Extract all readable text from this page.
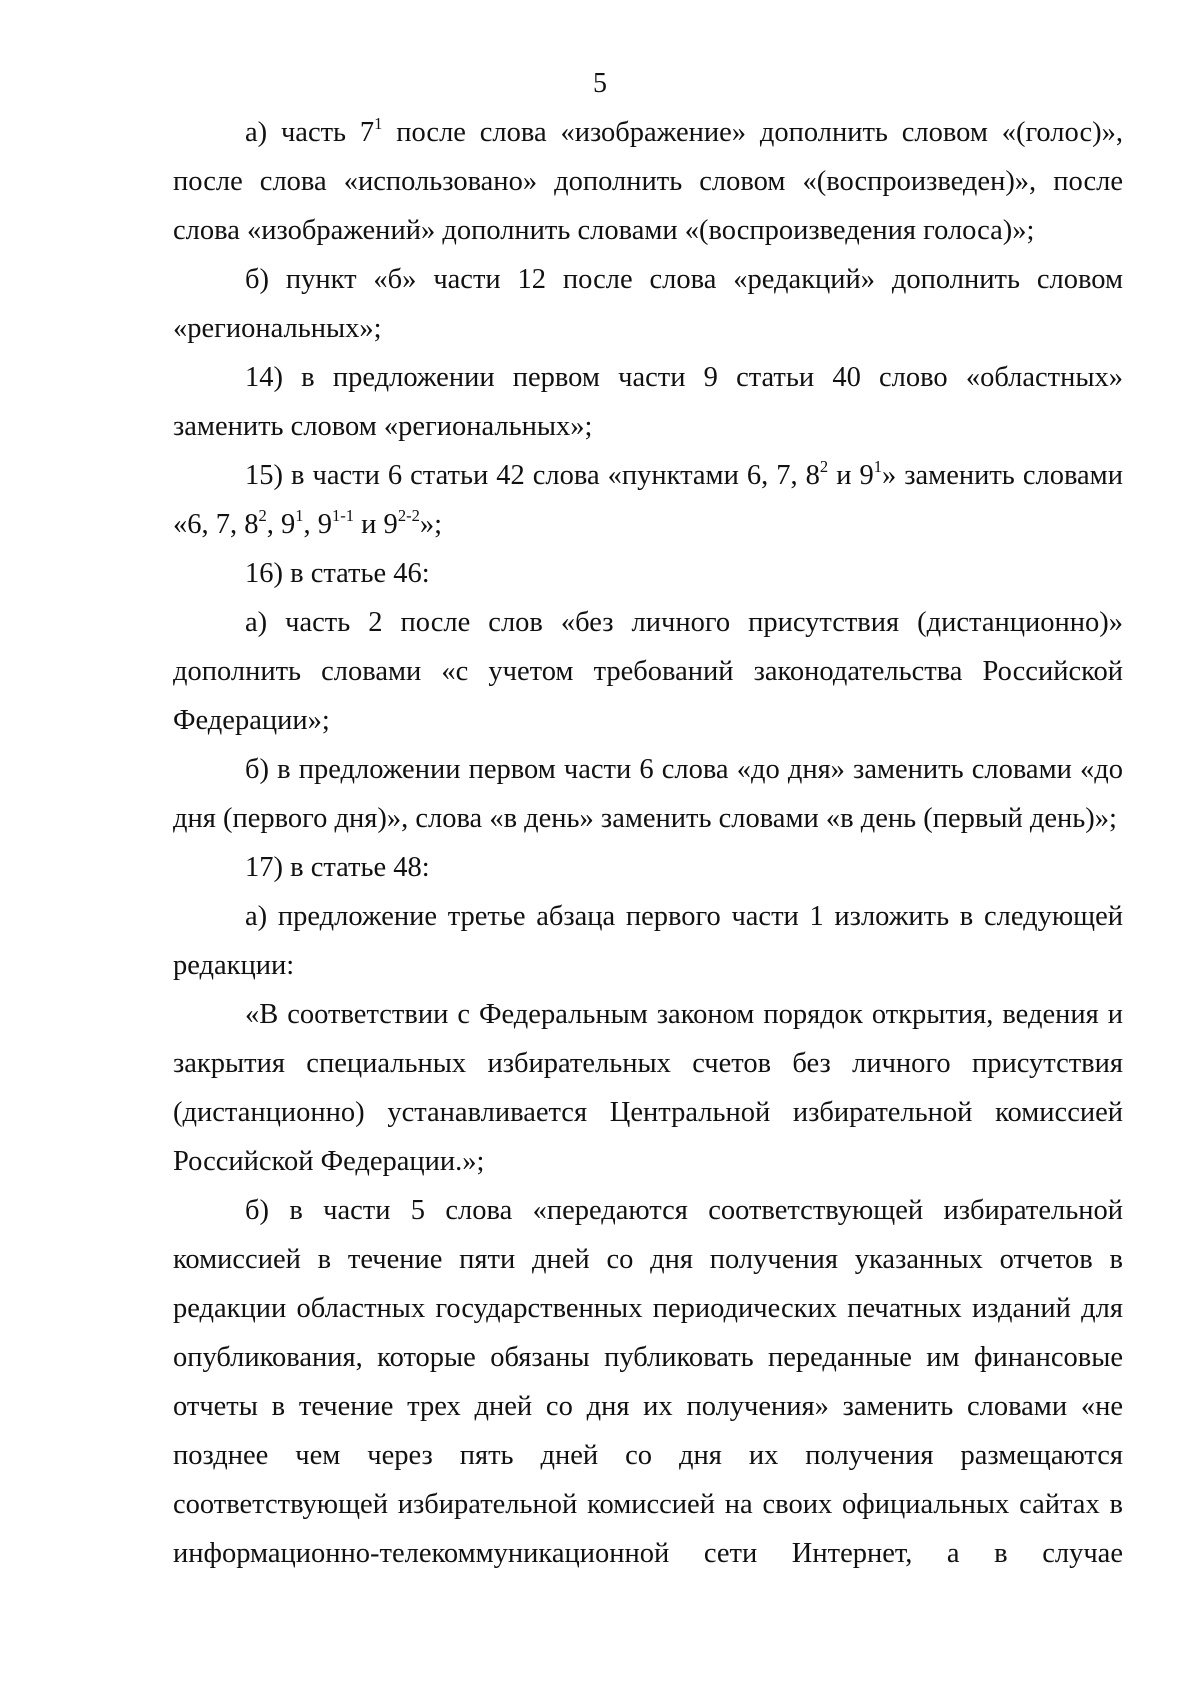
5

а) часть $7^1$ после слова «изображение» дополнить словом «(голос)», после слова «использовано» дополнить словом «(воспроизведен)», после слова «изображений» дополнить словами «(воспроизведения голоса)»;

б) пункт «б» части 12 после слова «редакций» дополнить словом «региональных»;

14) в предложении первом части 9 статьи 40 слово «областных» заменить словом «региональных»;

15) в части 6 статьи 42 слова «пунктами 6, 7, $8^2$ и $9^1$» заменить словами «6, 7, $8^2$, $9^1$, 9$^{1-1}$ и 9$^{2-2}$»;

16) в статье 46:

а) часть 2 после слов «без личного присутствия (дистанционно)» дополнить словами «с учетом требований законодательства Российской Федерации»;

б) в предложении первом части 6 слова «до дня» заменить словами «до дня (первого дня)», слова «в день» заменить словами «в день (первый день)»;

17) в статье 48:

а) предложение третье абзаца первого части 1 изложить в следующей редакции:

«В соответствии с Федеральным законом порядок открытия, ведения и закрытия специальных избирательных счетов без личного присутствия (дистанционно) устанавливается Центральной избирательной комиссией Российской Федерации.»;

б) в части 5 слова «передаются соответствующей избирательной комиссией в течение пяти дней со дня получения указанных отчетов в редакции областных государственных периодических печатных изданий для опубликования, которые обязаны публиковать переданные им финансовые отчеты в течение трех дней со дня их получения» заменить словами «не позднее чем через пять дней со дня их получения размещаются соответствующей избирательной комиссией на своих официальных сайтах в информационно-телекоммуникационной сети Интернет, а в случае
